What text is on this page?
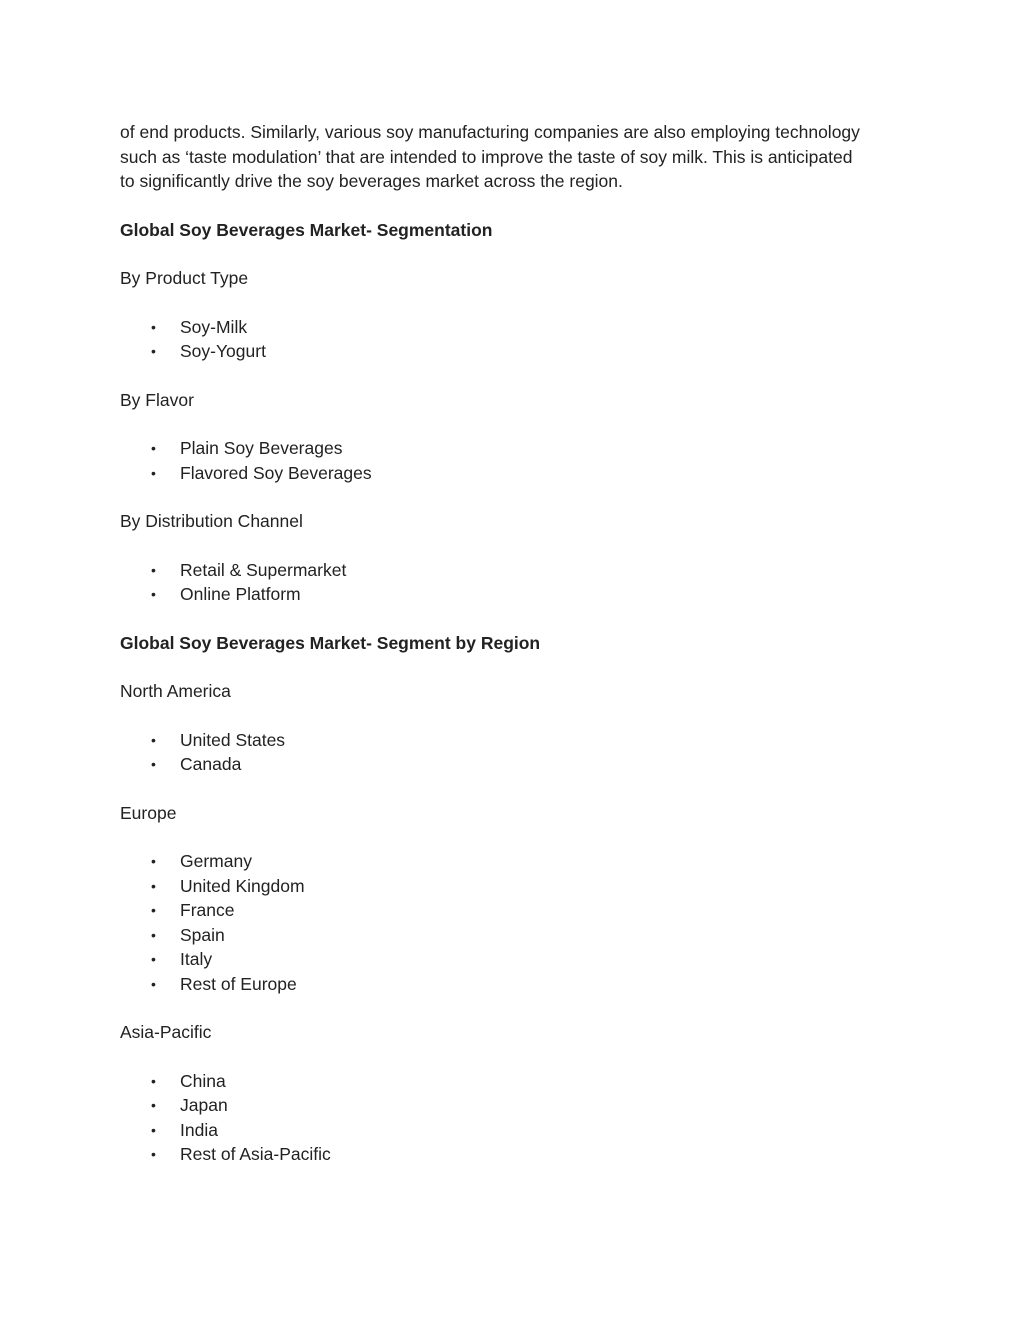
of end products. Similarly, various soy manufacturing companies are also employing technology

such as ‘taste modulation’ that are intended to improve the taste of soy milk. This is anticipated

to significantly drive the soy beverages market across the region.

Global Soy Beverages Market- Segmentation

By Product Type

• Soy-Milk
• Soy-Yogurt

By Flavor

• Plain Soy Beverages
• Flavored Soy Beverages

By Distribution Channel

• Retail & Supermarket
• Online Platform

Global Soy Beverages Market- Segment by Region

North America

• United States
• Canada

Europe

• Germany
• United Kingdom
• France
• Spain
• Italy
• Rest of Europe

Asia-Pacific

• China
• Japan
• India
• Rest of Asia-Pacific
